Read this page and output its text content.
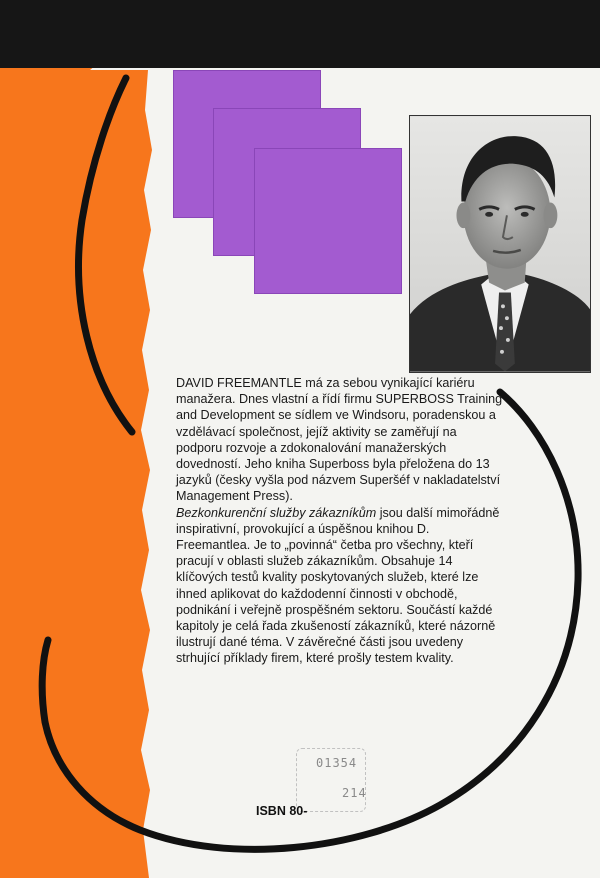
DAVID FREEMANTLE má za sebou vynikající kariéru manažera. Dnes vlastní a řídí firmu SUPERBOSS Training and Development se sídlem ve Windsoru, poradenskou a vzdělávací společnost, jejíž aktivity se zaměřují na podporu rozvoje a zdokonalování manažerských dovedností. Jeho kniha Superboss byla přeložena do 13 jazyků (česky vyšla pod názvem Superšéf v nakladatelství Management Press).

Bezkonkurenční služby zákazníkům jsou další mimořádně inspirativní, provokující a úspěšnou knihou D. Freemantlea. Je to „povinná“ četba pro všechny, kteří pracují v oblasti služeb zákazníkům. Obsahuje 14 klíčových testů kvality poskytovaných služeb, které lze ihned aplikovat do každodenní činnosti v obchodě, podnikání i veřejně prospěšném sektoru. Součástí každé kapitoly je celá řada zkušeností zákazníků, které názorně ilustrují dané téma. V závěrečné části jsou uvedeny strhující příklady firem, které prošly testem kvality.

01354
214
ISBN 80-
